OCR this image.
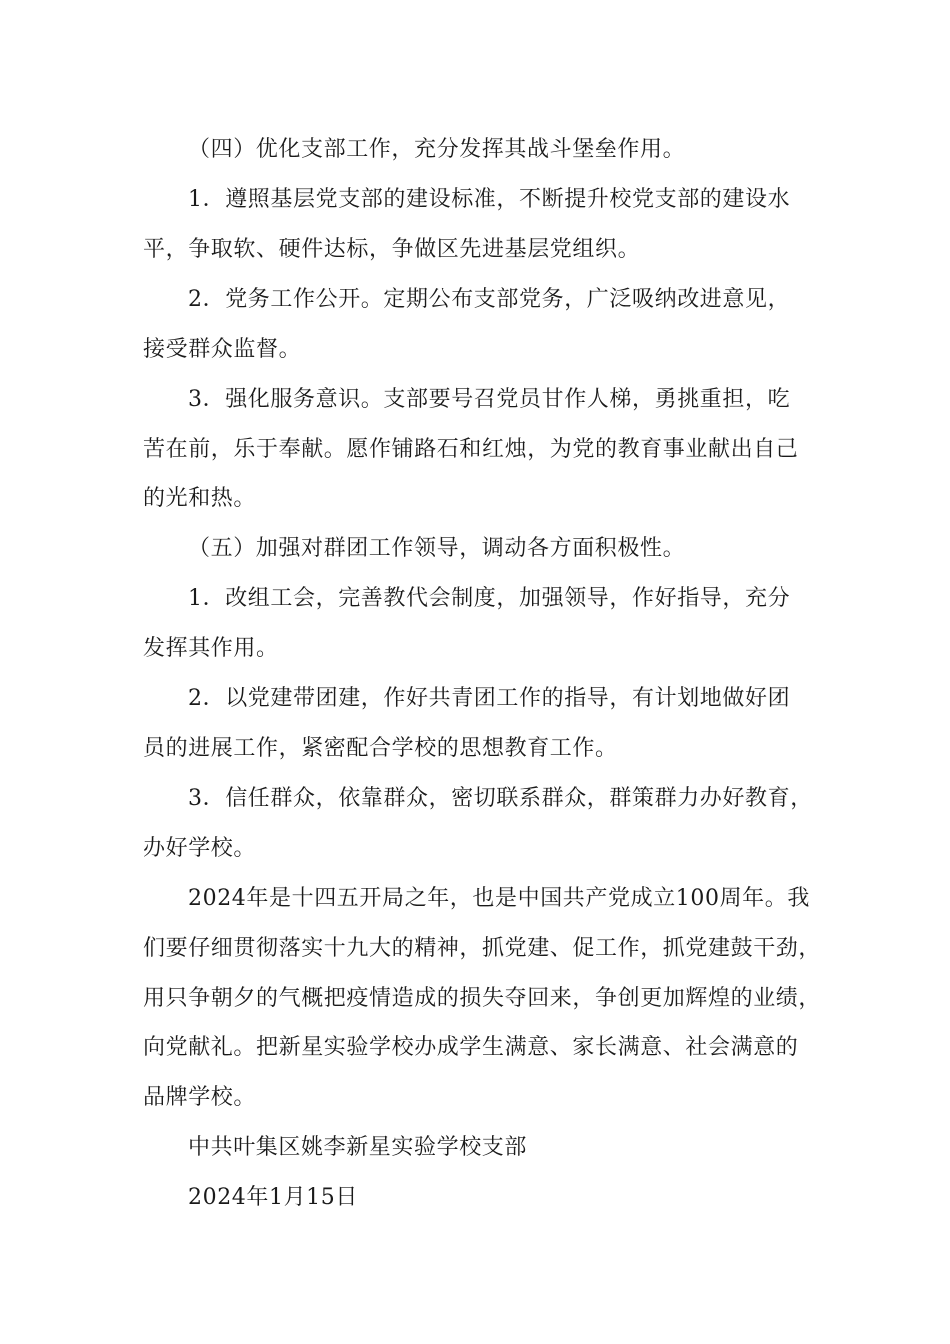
（四）优化支部工作，充分发挥其战斗堡垒作用。
1．遵照基层党支部的建设标准，不断提升校党支部的建设水
平，争取软、硬件达标，争做区先进基层党组织。
2．党务工作公开。定期公布支部党务，广泛吸纳改进意见，
接受群众监督。
3．强化服务意识。支部要号召党员甘作人梯，勇挑重担，吃
苦在前，乐于奉献。愿作铺路石和红烛，为党的教育事业献出自己
的光和热。
（五）加强对群团工作领导，调动各方面积极性。
1．改组工会，完善教代会制度，加强领导，作好指导，充分
发挥其作用。
2．以党建带团建，作好共青团工作的指导，有计划地做好团
员的进展工作，紧密配合学校的思想教育工作。
3．信任群众，依靠群众，密切联系群众，群策群力办好教育，
办好学校。
2024年是十四五开局之年，也是中国共产党成立100周年。我
们要仔细贯彻落实十九大的精神，抓党建、促工作，抓党建鼓干劲，
用只争朝夕的气概把疫情造成的损失夺回来，争创更加辉煌的业绩，
向党献礼。把新星实验学校办成学生满意、家长满意、社会满意的
品牌学校。
中共叶集区姚李新星实验学校支部
2024年1月15日
